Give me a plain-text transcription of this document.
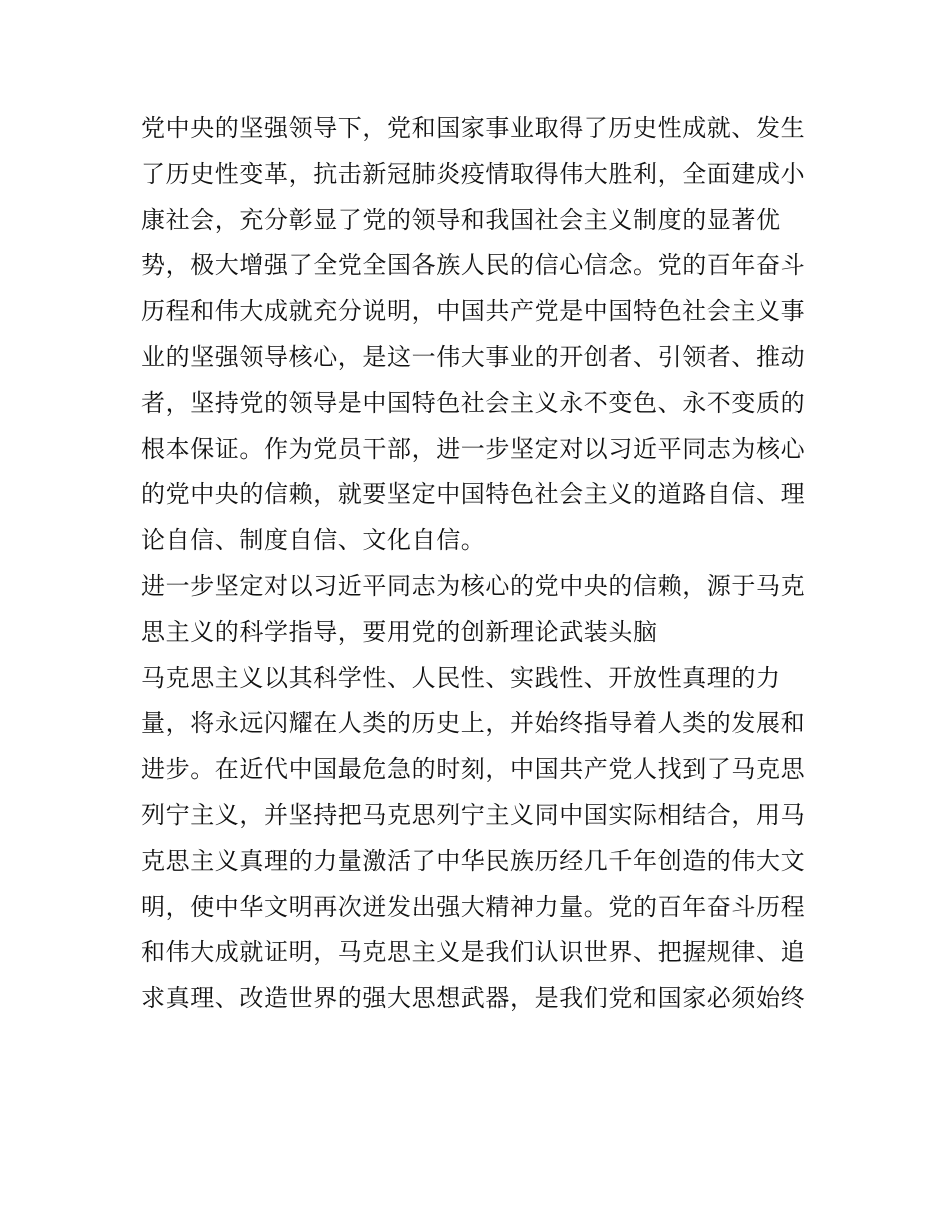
党中央的坚强领导下，党和国家事业取得了历史性成就、发生
了历史性变革，抗击新冠肺炎疫情取得伟大胜利，全面建成小
康社会，充分彰显了党的领导和我国社会主义制度的显著优
势，极大增强了全党全国各族人民的信心信念。党的百年奋斗
历程和伟大成就充分说明，中国共产党是中国特色社会主义事
业的坚强领导核心，是这一伟大事业的开创者、引领者、推动
者，坚持党的领导是中国特色社会主义永不变色、永不变质的
根本保证。作为党员干部，进一步坚定对以习近平同志为核心
的党中央的信赖，就要坚定中国特色社会主义的道路自信、理
论自信、制度自信、文化自信。
进一步坚定对以习近平同志为核心的党中央的信赖，源于马克
思主义的科学指导，要用党的创新理论武装头脑
马克思主义以其科学性、人民性、实践性、开放性真理的力
量，将永远闪耀在人类的历史上，并始终指导着人类的发展和
进步。在近代中国最危急的时刻，中国共产党人找到了马克思
列宁主义，并坚持把马克思列宁主义同中国实际相结合，用马
克思主义真理的力量激活了中华民族历经几千年创造的伟大文
明，使中华文明再次迸发出强大精神力量。党的百年奋斗历程
和伟大成就证明，马克思主义是我们认识世界、把握规律、追
求真理、改造世界的强大思想武器，是我们党和国家必须始终
